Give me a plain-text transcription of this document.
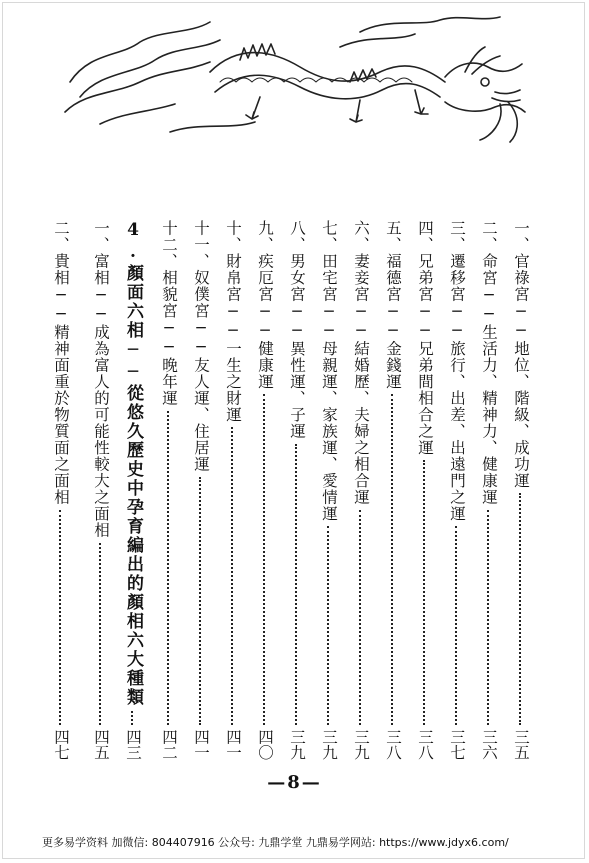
一、官祿宮──地位、階級、成功運
三五
二、命宮──生活力、精神力、健康運
三六
三、遷移宮──旅行、出差、出遠門之運
三七
四、兄弟宮──兄弟間相合之運
三八
五、福德宮──金錢運
三八
六、妻妾宮──結婚歷、夫婦之相合運
三九
七、田宅宮──母親運、家族運、愛情運
三九
八、男女宮──異性運、子運
三九
九、疾厄宮──健康運
四〇
十、財帛宮──一生之財運
四一
十一、奴僕宮──友人運、住居運
四一
十二、相貌宮──晚年運
四二
4.顏面六相──從悠久歷史中孕育編出的顏相六大種類
四三
一、富相──成為富人的可能性較大之面相
四五
二、貴相──精神面重於物質面之面相
四七
—8—
更多易学资料 加微信: 804407916 公众号: 九鼎学堂 九鼎易学网站: https://www.jdyx6.com/
